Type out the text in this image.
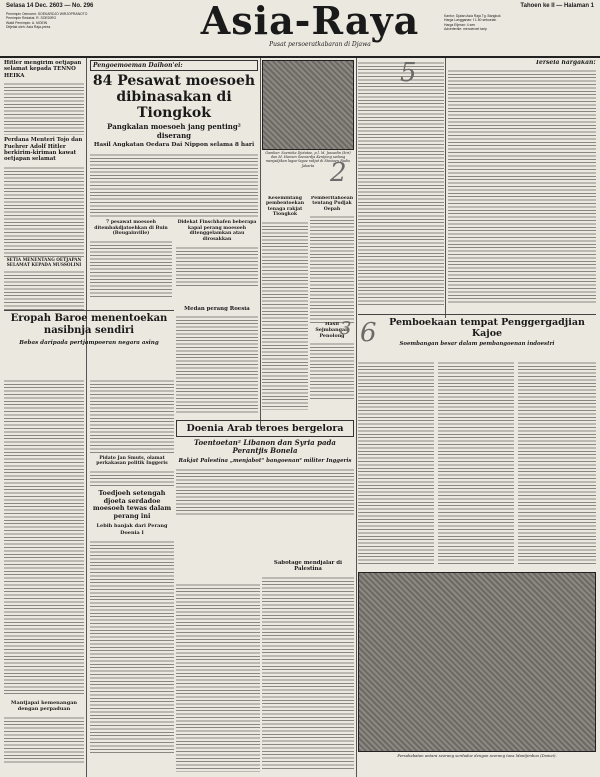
Selasa 14 Dec. 2603 — No. 296
Pemimpin Oemoem: SOEKARDJO WIRJOPRANOTO
Pemimpin Redaksi: R. SOEDIRO
Wakil Pemimpin: A. MOEIN
Ditjetak oleh: Asia Raja-press	Asia-Raya
Pusat persoeratkabaran di Djawa
Tahoen ke II — Halaman 1
Kantor: Djalan Asia Raja Tg. Bangkok
Harga Langganan: f 1.50 seboelan
Harga Etjeran: 4 sen
Advertentie: menoeroet tarip
Hitler mengirim oetjapan selamat kepada TENNO HEIKA
Perdana Menteri Tojo dan Fuehrer Adolf Hitler berkirim-kiriman kawat oetjapan selamat
SETIA MENENTANG OETJAPAN SELAMAT KEPADA MUSSOLINI
Eropah Baroe menentoekan nasibnja sendiri
Bebas daripada pertjampoeran negara asing
Pidato Jan Smuts, olamat perkakasan politik Inggeris
Mantjapai kemenangan dengan perpaduan
Pengoemoeman Daihon'ei:
84 Pesawat moesoeh dibinasakan di Tiongkok
Pangkalan moesoeh jang penting² diserang
Hasil Angkatan Oedara Dai Nippon selama 8 hari
7 pesawat moesoeh ditembakdjatoehkan di Buin (Bougainville)
Didekat Finschhafen beberapa kapal perang moesoeh ditenggelamkan atau dirosakkan
Medan perang Roesia
Gambar: Soerieka Djotatoe, p.l. M. Jasoedin (kiri) dan M. Haroen Soenardja Kentjong sedang menjadjikan lagoe-lagoe rakjat di Stasioen Radio Jakarta
Kesemintang pembentoekan tenaga rakjat Tiongkok
Pemberitahoean tentang Pudjak Oepah
2
Hasil Sejmbangan Penolong
3
5	Tersela hargakan!
Pemboekaan tempat Penggergadjian Kajoe
Soembangan besar dalam pembangoenan indoestri
6
Persahabatan antara seorang serdadoe dengan seorang toea Mantjimboo (Domei).
Doenia Arab teroes bergelora
Toentoetan² Libanon dan Syria pada Perantjis Bonela
Rakjat Palestina „menjabot" bangoenan² militer Inggeris
Sabotage mendjalar di Palestina
Toedjoeh setengah djoeta serdadoe moesoeh tewas dalam perang ini
Lebih banjak dari Perang Doenia I
